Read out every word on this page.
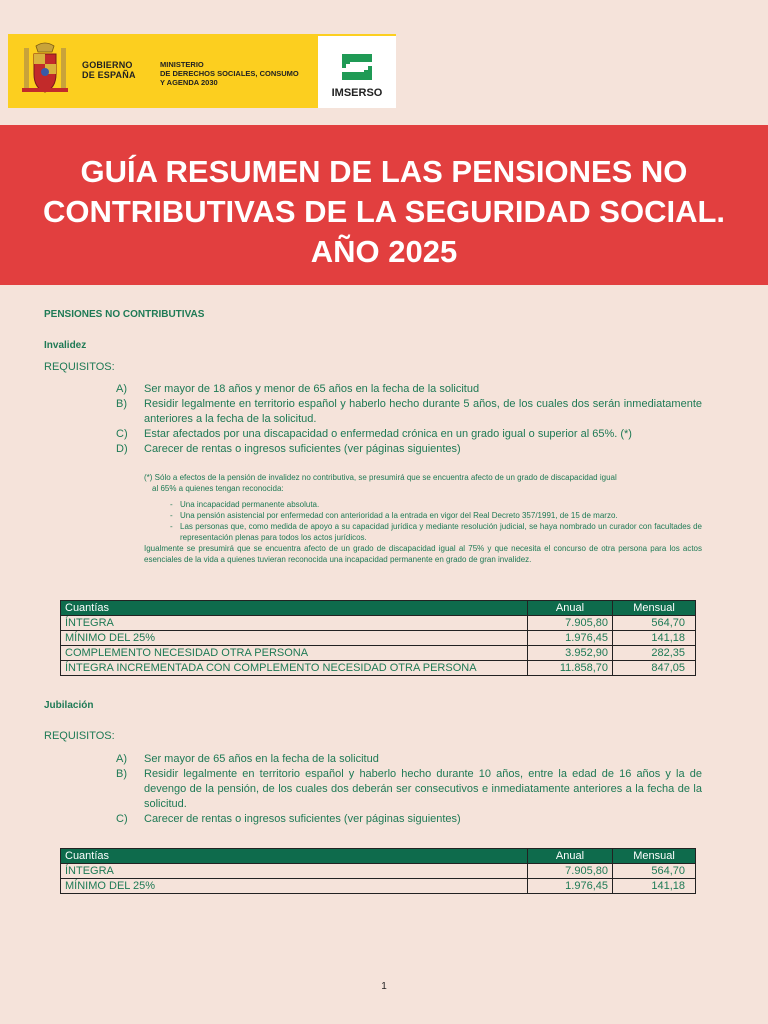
GOBIERNO
DE ESPAÑA
MINISTERIO
DE DERECHOS SOCIALES, CONSUMO
Y AGENDA 2030
IMSERSO
GUÍA RESUMEN DE LAS PENSIONES NO
CONTRIBUTIVAS DE LA SEGURIDAD SOCIAL.
AÑO 2025
PENSIONES NO CONTRIBUTIVAS
Invalidez
REQUISITOS:
A)	Ser mayor de 18 años y menor de 65 años en la fecha de la solicitud
B)	Residir legalmente en territorio español y haberlo hecho durante 5 años, de los cuales dos serán inmediatamente anteriores a la fecha de la solicitud.
C)	Estar afectados por una discapacidad o enfermedad crónica en un grado igual o superior al 65%. (*)
D)	Carecer de rentas o ingresos suficientes (ver páginas siguientes)
(*) Sólo a efectos de la pensión de invalidez no contributiva, se presumirá que se encuentra afecto de un grado de discapacidad igual
al 65% a quienes tengan reconocida:
- Una incapacidad permanente absoluta.
- Una pensión asistencial por enfermedad con anterioridad a la entrada en vigor del Real Decreto 357/1991, de 15 de marzo.
- Las personas que, como medida de apoyo a su capacidad jurídica y mediante resolución judicial, se haya nombrado un curador con facultades de representación plenas para todos los actos jurídicos.
Igualmente se presumirá que se encuentra afecto de un grado de discapacidad igual al 75% y que necesita el concurso de otra persona para los actos esenciales de la vida a quienes tuvieran reconocida una incapacidad permanente en grado de gran invalidez.
Cuantías	Anual	Mensual
ÍNTEGRA	7.905,80	564,70
MÍNIMO DEL 25%	1.976,45	141,18
COMPLEMENTO NECESIDAD OTRA PERSONA	3.952,90	282,35
ÍNTEGRA INCREMENTADA CON COMPLEMENTO NECESIDAD OTRA PERSONA	11.858,70	847,05
Jubilación
REQUISITOS:
A)	Ser mayor de 65 años en la fecha de la solicitud
B)	Residir legalmente en territorio español y haberlo hecho durante 10 años, entre la edad de 16 años y la de devengo de la pensión, de los cuales dos deberán ser consecutivos e inmediatamente anteriores a la fecha de la solicitud.
C)	Carecer de rentas o ingresos suficientes (ver páginas siguientes)
Cuantías	Anual	Mensual
ÍNTEGRA	7.905,80	564,70
MÍNIMO DEL 25%	1.976,45	141,18
1
